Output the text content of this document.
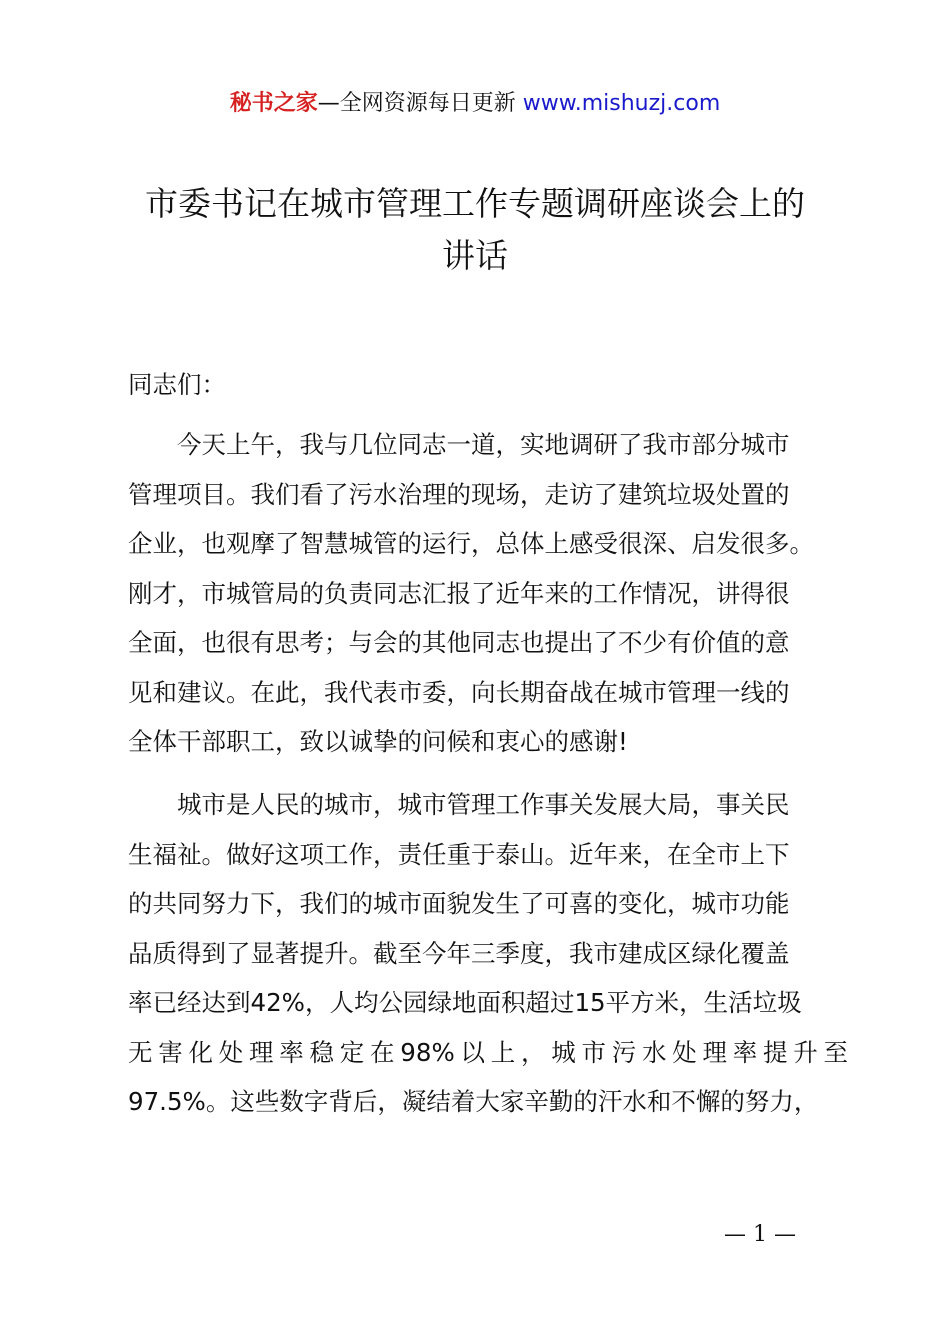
秘书之家—全网资源每日更新 www.mishuzj.com
市委书记在城市管理工作专题调研座谈会上的
讲话
同志们：
今天上午，我与几位同志一道，实地调研了我市部分城市
管理项目。我们看了污水治理的现场，走访了建筑垃圾处置的
企业，也观摩了智慧城管的运行，总体上感受很深、启发很多。
刚才，市城管局的负责同志汇报了近年来的工作情况，讲得很
全面，也很有思考；与会的其他同志也提出了不少有价值的意
见和建议。在此，我代表市委，向长期奋战在城市管理一线的
全体干部职工，致以诚挚的问候和衷心的感谢!
城市是人民的城市，城市管理工作事关发展大局，事关民
生福祉。做好这项工作，责任重于泰山。近年来，在全市上下
的共同努力下，我们的城市面貌发生了可喜的变化，城市功能
品质得到了显著提升。截至今年三季度，我市建成区绿化覆盖
率已经达到42%，人均公园绿地面积超过15平方米，生活垃圾
无害化处理率稳定在98%以上，城市污水处理率提升至
97.5%。这些数字背后，凝结着大家辛勤的汗水和不懈的努力，
— 1 —
